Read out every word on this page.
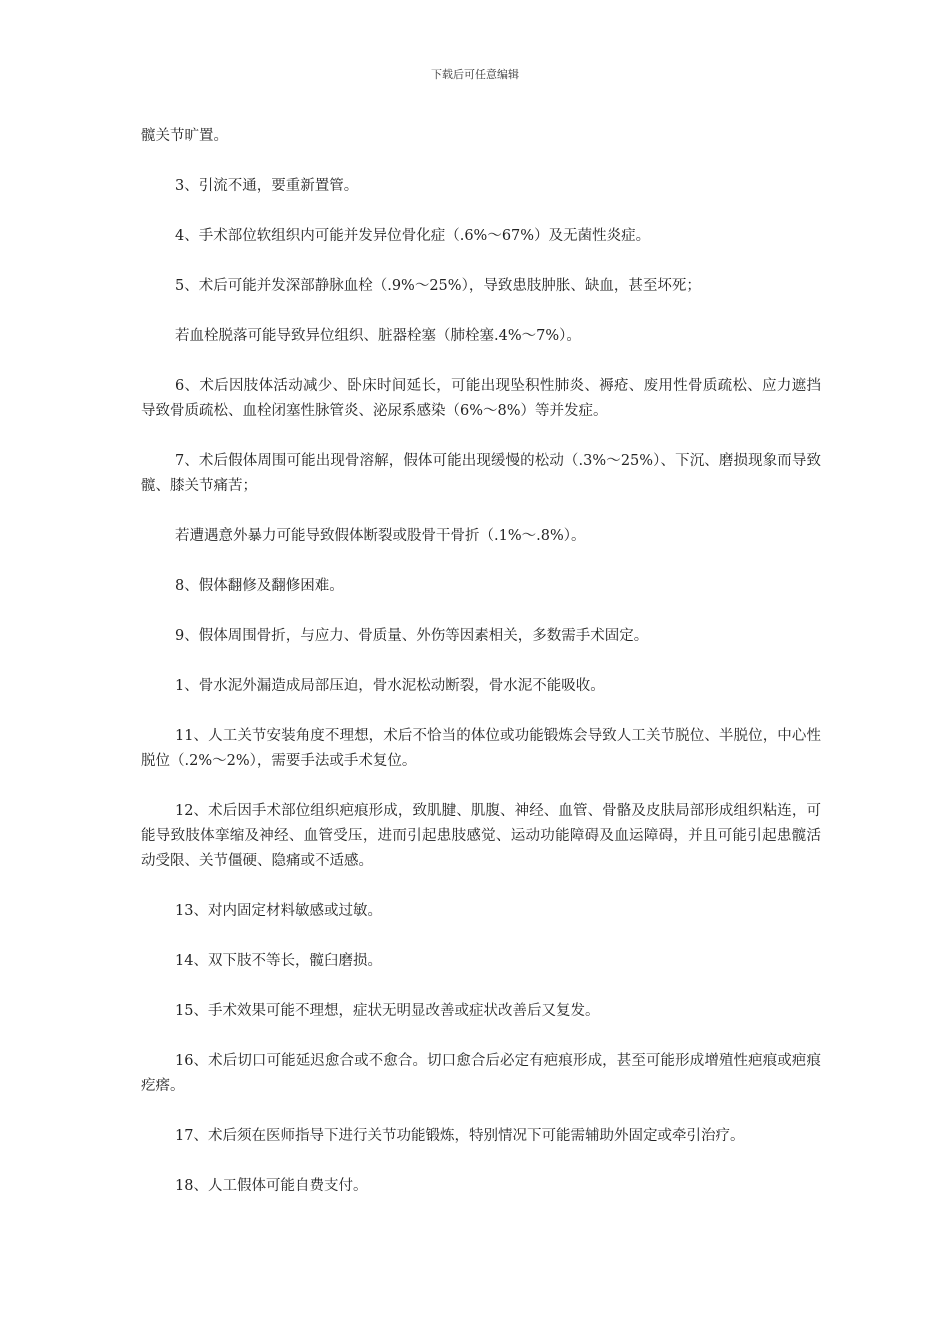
下载后可任意编辑

髋关节旷置。

3、引流不通，要重新置管。

4、手术部位软组织内可能并发异位骨化症（.6%～67%）及无菌性炎症。

5、术后可能并发深部静脉血栓（.9%～25%），导致患肢肿胀、缺血，甚至坏死；

若血栓脱落可能导致异位组织、脏器栓塞（肺栓塞.4%～7%）。

6、术后因肢体活动减少、卧床时间延长，可能出现坠积性肺炎、褥疮、废用性骨质疏松、应力遮挡导致骨质疏松、血栓闭塞性脉管炎、泌尿系感染（6%～8%）等并发症。

7、术后假体周围可能出现骨溶解，假体可能出现缓慢的松动（.3%～25%）、下沉、磨损现象而导致髋、膝关节痛苦；

若遭遇意外暴力可能导致假体断裂或股骨干骨折（.1%～.8%）。

8、假体翻修及翻修困难。

9、假体周围骨折，与应力、骨质量、外伤等因素相关，多数需手术固定。

1、骨水泥外漏造成局部压迫，骨水泥松动断裂，骨水泥不能吸收。

11、人工关节安装角度不理想，术后不恰当的体位或功能锻炼会导致人工关节脱位、半脱位，中心性脱位（.2%～2%），需要手法或手术复位。

12、术后因手术部位组织疤痕形成，致肌腱、肌腹、神经、血管、骨骼及皮肤局部形成组织粘连，可能导致肢体挛缩及神经、血管受压，进而引起患肢感觉、运动功能障碍及血运障碍，并且可能引起患髋活动受限、关节僵硬、隐痛或不适感。

13、对内固定材料敏感或过敏。

14、双下肢不等长，髋臼磨损。

15、手术效果可能不理想，症状无明显改善或症状改善后又复发。

16、术后切口可能延迟愈合或不愈合。切口愈合后必定有疤痕形成，甚至可能形成增殖性疤痕或疤痕疙瘩。

17、术后须在医师指导下进行关节功能锻炼，特别情况下可能需辅助外固定或牵引治疗。

18、人工假体可能自费支付。
